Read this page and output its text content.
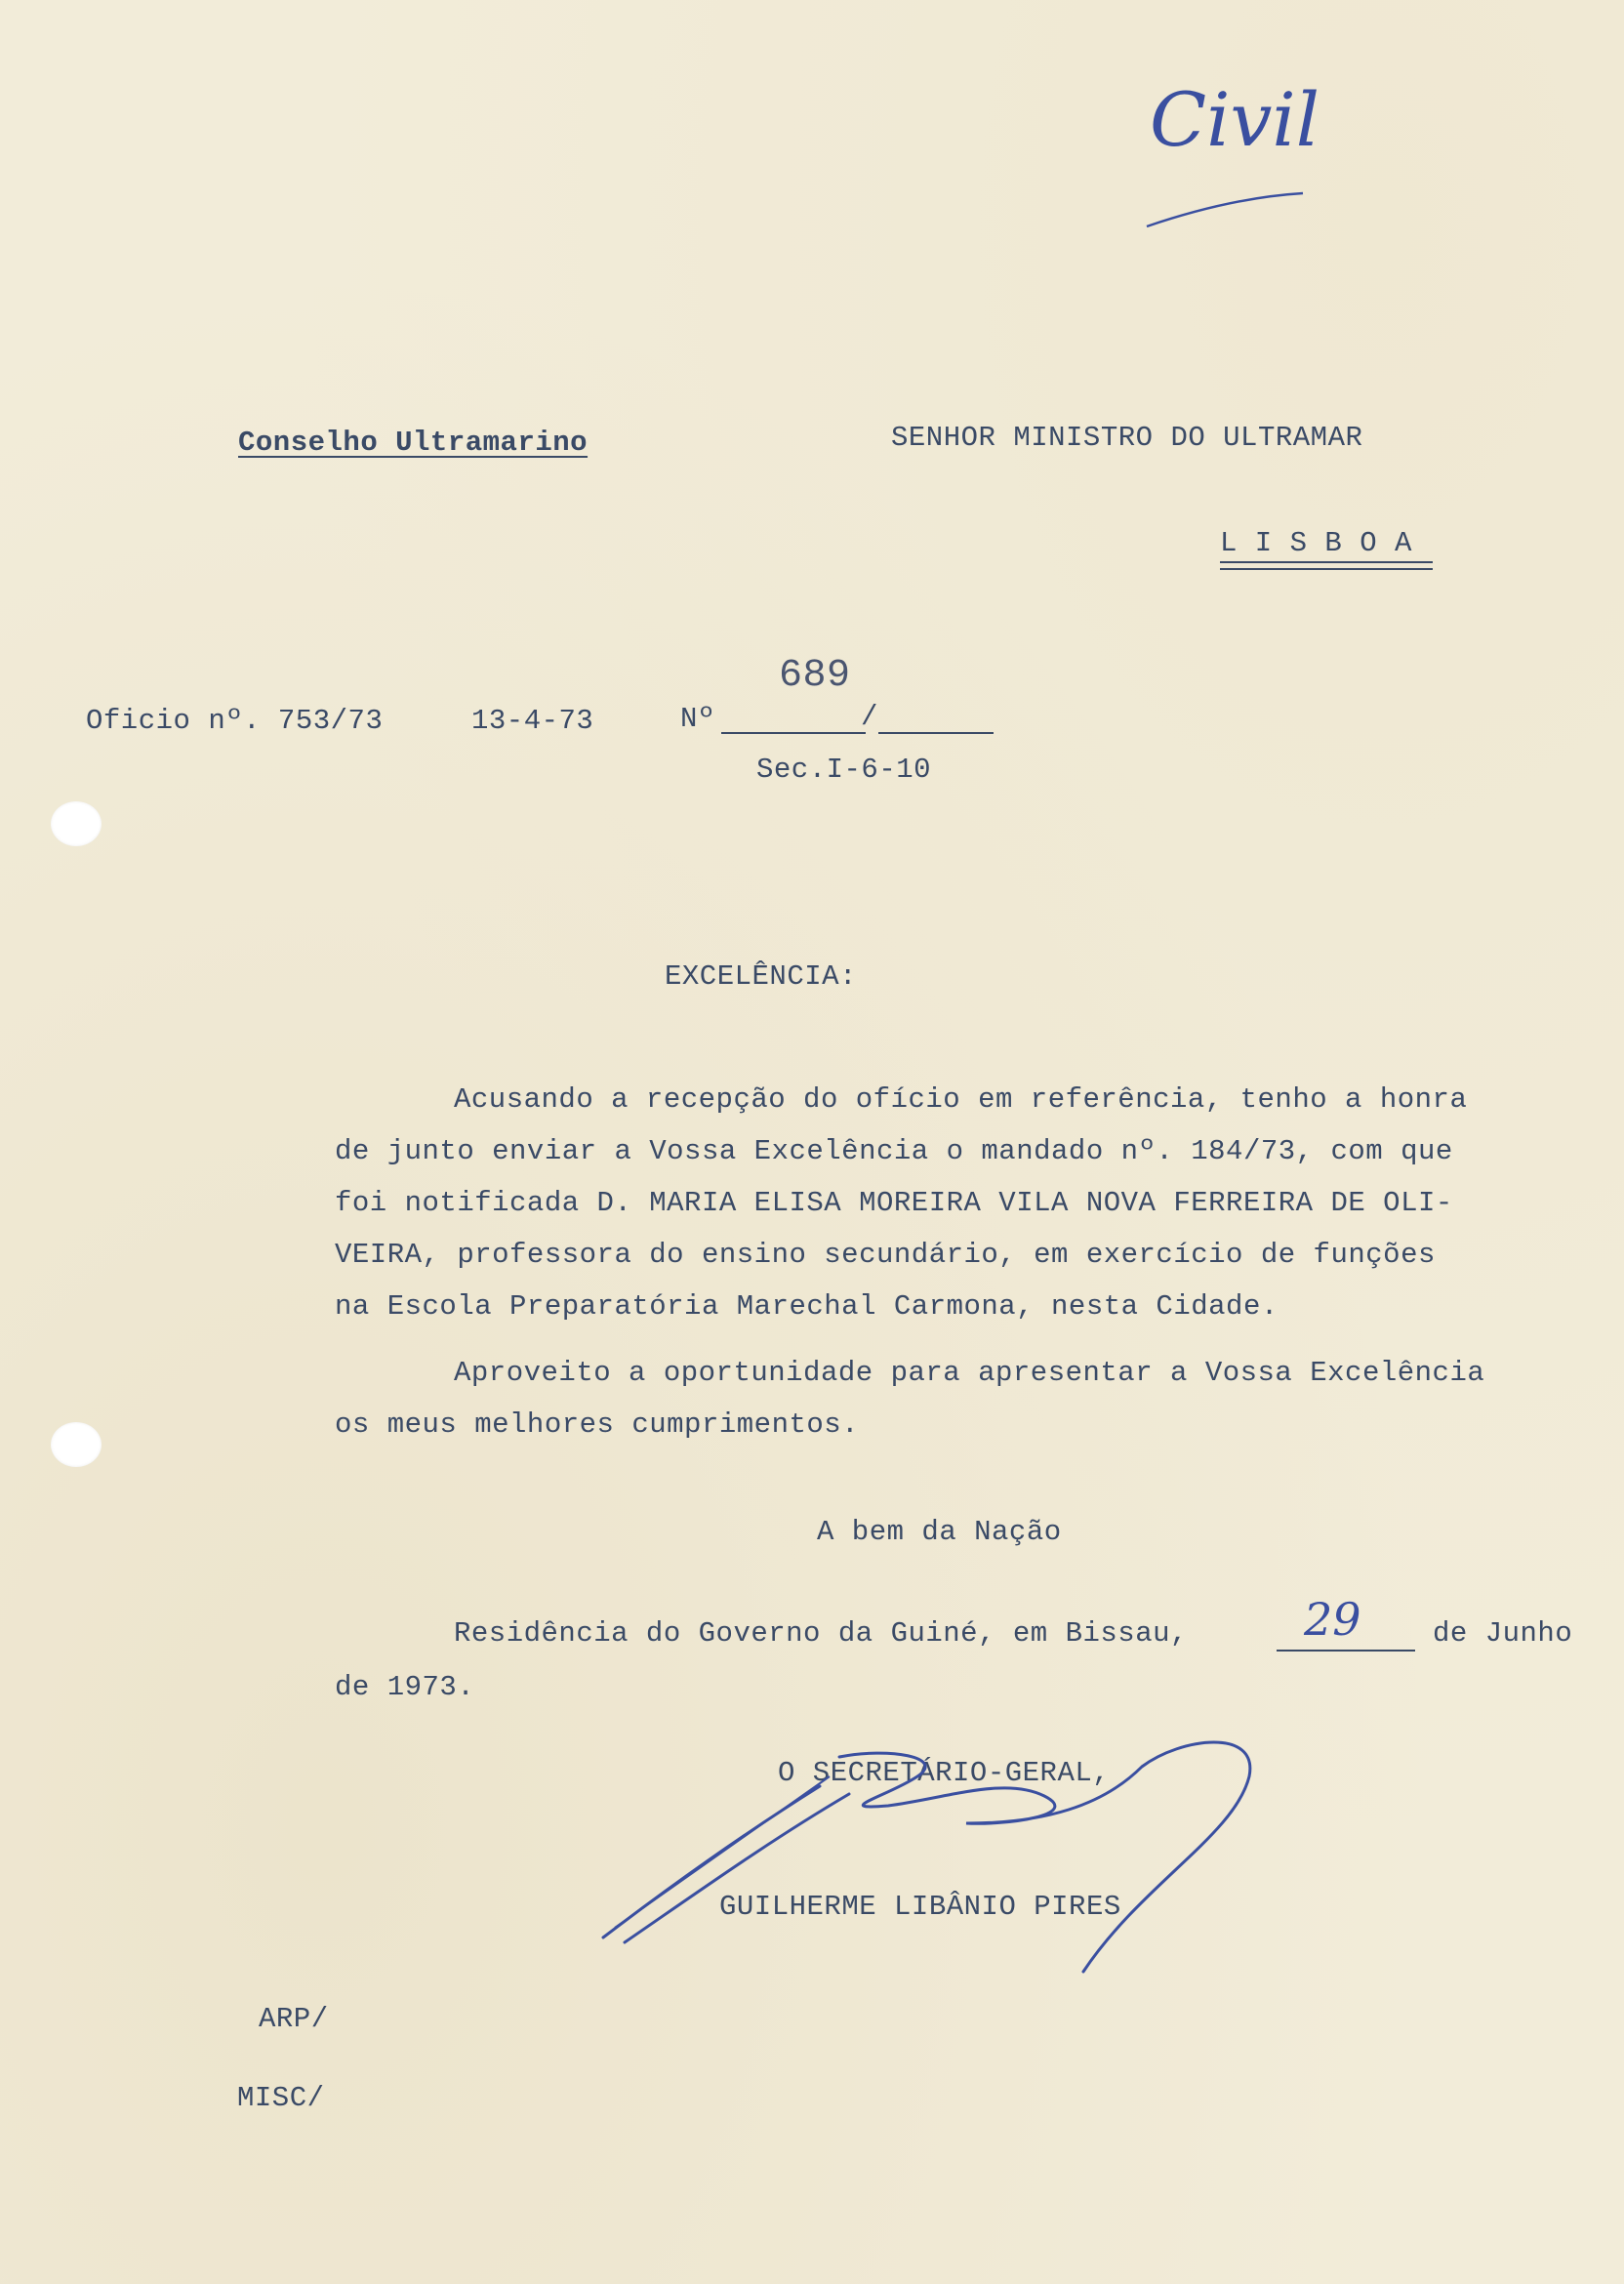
Civil
Conselho Ultramarino	SENHOR MINISTRO DO ULTRAMAR
L I S B O A
Oficio nº. 753/73	13-4-73	Nº	/
689
Sec.I-6-10
EXCELÊNCIA:
Acusando a recepção do ofício em referência, tenho a honra
de junto enviar a Vossa Excelência o mandado nº. 184/73, com que
foi notificada D. MARIA ELISA MOREIRA VILA NOVA FERREIRA DE OLI-
VEIRA, professora do ensino secundário, em exercício de funções
na Escola Preparatória Marechal Carmona, nesta Cidade.
Aproveito a oportunidade para apresentar a Vossa Excelência
os meus melhores cumprimentos.
A bem da Nação
Residência do Governo da Guiné, em Bissau,	29	de Junho
de 1973.
O SECRETÁRIO-GERAL,
GUILHERME LIBÂNIO PIRES
ARP/
MISC/
